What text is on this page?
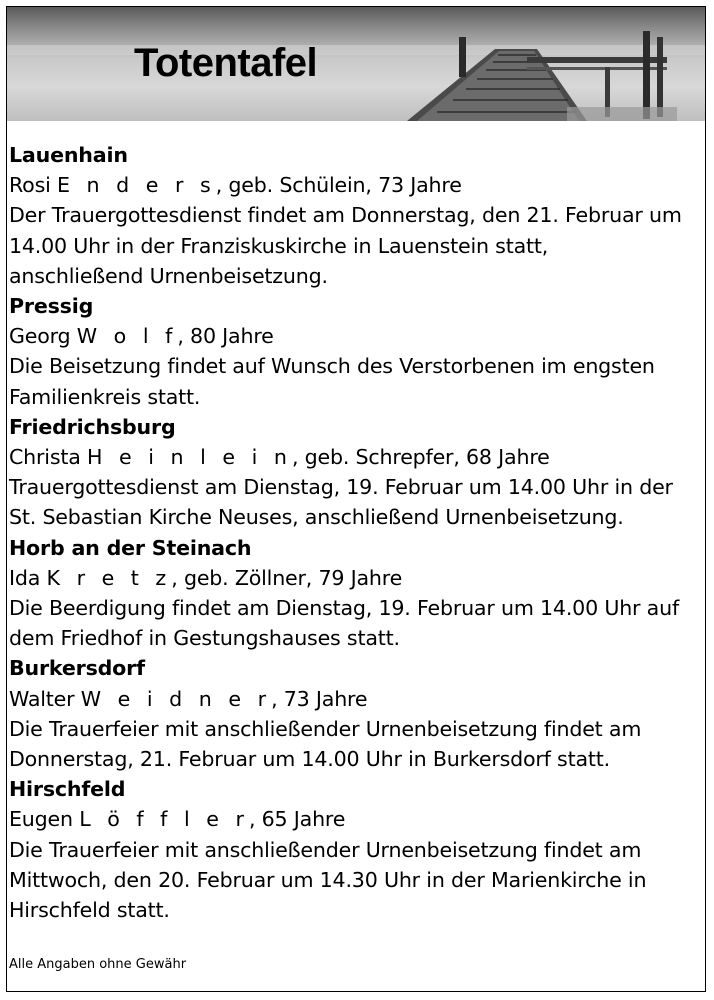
Totentafel
Lauenhain
Rosi E n d e r s, geb. Schülein, 73 Jahre
Der Trauergottesdienst findet am Donnerstag, den 21. Februar um
14.00 Uhr in der Franziskuskirche in Lauenstein statt,
anschließend Urnenbeisetzung.
Pressig
Georg W o l f, 80 Jahre
Die Beisetzung findet auf Wunsch des Verstorbenen im engsten
Familienkreis statt.
Friedrichsburg
Christa H e i n l e i n, geb. Schrepfer, 68 Jahre
Trauergottesdienst am Dienstag, 19. Februar um 14.00 Uhr in der
St. Sebastian Kirche Neuses, anschließend Urnenbeisetzung.
Horb an der Steinach
Ida K r e t z, geb. Zöllner, 79 Jahre
Die Beerdigung findet am Dienstag, 19. Februar um 14.00 Uhr auf
dem Friedhof in Gestungshauses statt.
Burkersdorf
Walter W e i d n e r, 73 Jahre
Die Trauerfeier mit anschließender Urnenbeisetzung findet am
Donnerstag, 21. Februar um 14.00 Uhr in Burkersdorf statt.
Hirschfeld
Eugen L ö f f l e r, 65 Jahre
Die Trauerfeier mit anschließender Urnenbeisetzung findet am
Mittwoch, den 20. Februar um 14.30 Uhr in der Marienkirche in
Hirschfeld statt.
Alle Angaben ohne Gewähr
